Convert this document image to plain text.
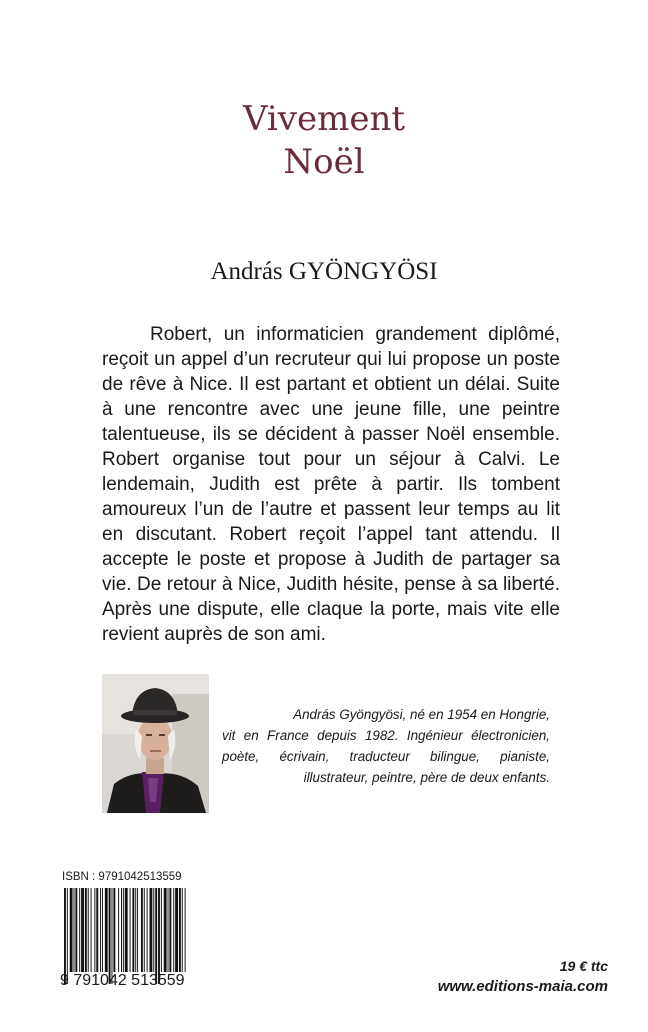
Vivement
Noël
András GYÖNGYÖSI

Robert, un informaticien grandement diplômé, reçoit un appel d’un recruteur qui lui propose un poste de rêve à Nice. Il est partant et obtient un délai. Suite à une rencontre avec une jeune fille, une peintre talentueuse, ils se décident à passer Noël ensemble. Robert organise tout pour un séjour à Calvi. Le lendemain, Judith est prête à partir. Ils tombent amoureux l’un de l’autre et passent leur temps au lit en discutant. Robert reçoit l’appel tant attendu. Il accepte le poste et propose à Judith de partager sa vie. De retour à Nice, Judith hésite, pense à sa liberté. Après une dispute, elle claque la porte, mais vite elle revient auprès de son ami.

András Gyöngyösi, né en 1954 en Hongrie,
vit en France depuis 1982. Ingénieur électronicien, poète, écrivain, traducteur bilingue, pianiste, illustrateur, peintre, père de deux enfants.

ISBN : 9791042513559
9 791042 513559
19 € ttc
www.editions-maia.com
